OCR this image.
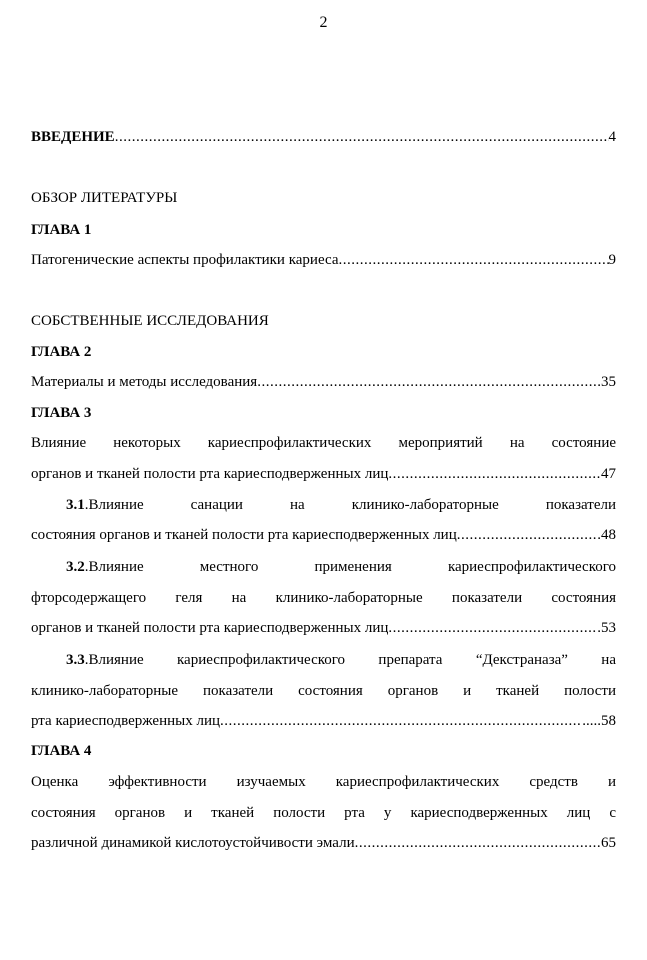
2
ВВЕДЕНИЕ .....	4
ОБЗОР ЛИТЕРАТУРЫ
ГЛАВА 1
Патогенические аспекты профилактики кариеса .....	9
СОБСТВЕННЫЕ ИССЛЕДОВАНИЯ
ГЛАВА 2
Материалы и методы исследования .....	35
ГЛАВА 3
Влияние некоторых кариеспрофилактических мероприятий на состояние
органов и тканей полости рта кариесподверженных лиц .....	47
3.1.Влияние санации на клинико-лабораторные показатели
состояния органов и тканей полости рта кариесподверженных лиц .....	.48
3.2.Влияние местного применения кариеспрофилактического
фторсодержащего геля на клинико-лабораторные показатели состояния
органов и тканей полости рта кариесподверженных лиц .....	.53
3.3.Влияние кариеспрофилактического препарата “Декстраназа” на
клинико-лабораторные показатели состояния органов и тканей полости
рта кариесподверженных лиц .....	.....58
ГЛАВА 4
Оценка эффективности изучаемых кариеспрофилактических средств и
состояния органов и тканей полости рта у кариесподверженных лиц с
различной динамикой кислотоустойчивости эмали .....	65
